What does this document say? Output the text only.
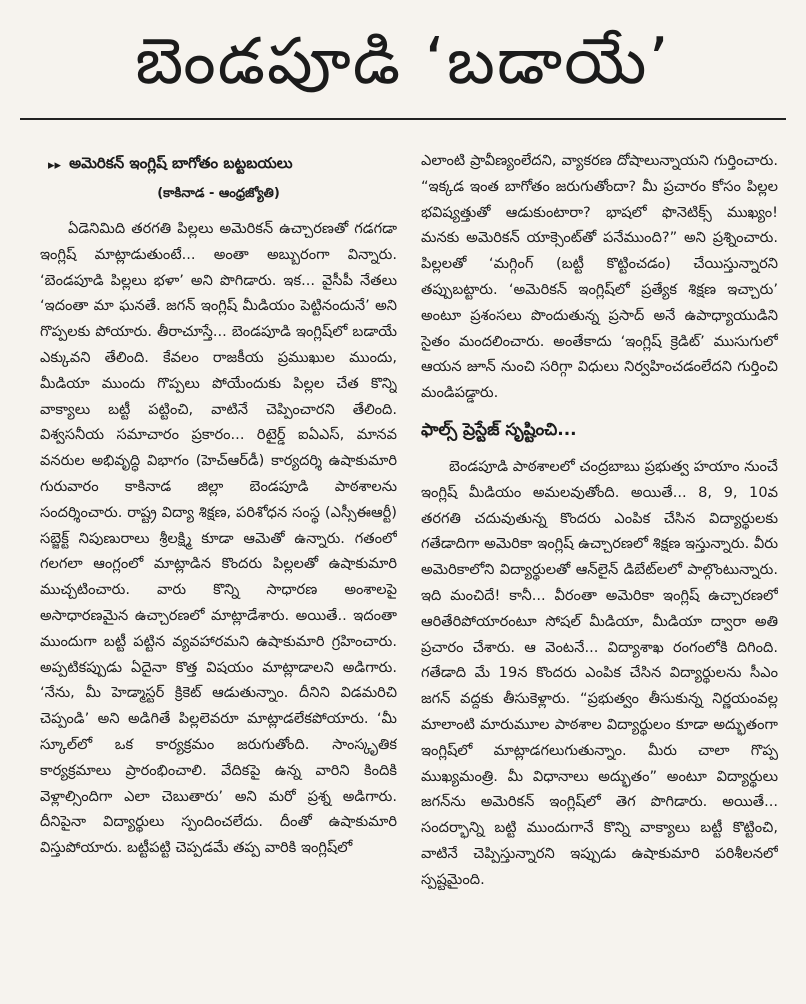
బెండపూడి ‘బడాయే’
▸▸ అమెరికన్ ఇంగ్లిష్ బాగోతం బట్టబయలు
(కాకినాడ - ఆంధ్రజ్యోతి)

ఏడెనిమిది తరగతి పిల్లలు అమెరికన్ ఉచ్చారణతో గడగడా ఇంగ్లిష్ మాట్లాడుతుంటే... అంతా అబ్బురంగా విన్నారు. ‘బెండపూడి పిల్లలు భళా’ అని పొగిడారు. ఇక... వైసీపీ నేతలు ‘ఇదంతా మా ఘనతే. జగన్ ఇంగ్లిష్ మీడియం పెట్టినందునే’ అని గొప్పలకు పోయారు. తీరాచూస్తే... బెండపూడి ఇంగ్లిష్‌లో బడాయే ఎక్కువని తేలింది. కేవలం రాజకీయ ప్రముఖుల ముందు, మీడియా ముందు గొప్పలు పోయేందుకు పిల్లల చేత కొన్ని వాక్యాలు బట్టీ పట్టించి, వాటినే చెప్పించారని తేలింది. విశ్వసనీయ సమాచారం ప్రకారం... రిటైర్డ్ ఐఏఎస్, మానవ వనరుల అభివృద్ధి విభాగం (హెచ్ఆర్‌డీ) కార్యదర్శి ఉషాకుమారి గురువారం కాకినాడ జిల్లా బెండపూడి పాఠశాలను సందర్శించారు. రాష్ట్ర విద్యా శిక్షణ, పరిశోధన సంస్థ (ఎస్సీఈఆర్టీ) సబ్జెక్ట్ నిపుణురాలు శ్రీలక్ష్మి కూడా ఆమెతో ఉన్నారు. గతంలో గలగలా ఆంగ్లంలో మాట్లాడిన కొందరు పిల్లలతో ఉషాకుమారి ముచ్చటించారు. వారు కొన్ని సాధారణ అంశాలపై అసాధారణమైన ఉచ్చారణలో మాట్లాడేశారు. అయితే.. ఇదంతా ముందుగా బట్టీ పట్టిన వ్యవహారమని ఉషాకుమారి గ్రహించారు. అప్పటికప్పుడు ఏదైనా కొత్త విషయం మాట్లాడాలని అడిగారు. ‘నేను, మీ హెడ్మాస్టర్ క్రికెట్ ఆడుతున్నాం. దీనిని విడమరిచి చెప్పండి’ అని అడిగితే పిల్లలెవరూ మాట్లాడలేకపోయారు. ‘మీ స్కూల్‌లో ఒక కార్యక్రమం జరుగుతోంది. సాంస్కృతిక కార్యక్రమాలు ప్రారంభించాలి. వేదికపై ఉన్న వారిని కిందికి వెళ్లాల్సిందిగా ఎలా చెబుతారు’ అని మరో ప్రశ్న అడిగారు. దీనిపైనా విద్యార్థులు స్పందించలేదు. దీంతో ఉషాకుమారి విస్తుపోయారు. బట్టీపట్టి చెప్పడమే తప్ప వారికి ఇంగ్లిష్‌లో

ఎలాంటి ప్రావీణ్యంలేదని, వ్యాకరణ దోషాలున్నాయని గుర్తించారు. “ఇక్కడ ఇంత బాగోతం జరుగుతోందా? మీ ప్రచారం కోసం పిల్లల భవిష్యత్తుతో ఆడుకుంటారా? భాషలో ఫొనెటిక్స్ ముఖ్యం! మనకు అమెరికన్ యాక్సెంట్‌తో పనేముంది?” అని ప్రశ్నించారు. పిల్లలతో ‘మగ్గింగ్ (బట్టీ కొట్టించడం) చేయిస్తున్నారని తప్పుబట్టారు. ‘అమెరికన్ ఇంగ్లిష్‌లో ప్రత్యేక శిక్షణ ఇచ్చారు’ అంటూ ప్రశంసలు పొందుతున్న ప్రసాద్ అనే ఉపాధ్యాయుడిని సైతం మందలించారు. అంతేకాదు ‘ఇంగ్లిష్ క్రెడిట్’ ముసుగులో ఆయన జూన్ నుంచి సరిగ్గా విధులు నిర్వహించడంలేదని గుర్తించి మండిపడ్డారు.

ఫాల్స్ ప్రెస్టేజ్ సృష్టించి...

బెండపూడి పాఠశాలలో చంద్రబాబు ప్రభుత్వ హయాం నుంచే ఇంగ్లిష్ మీడియం అమలవుతోంది. అయితే... 8, 9, 10వ తరగతి చదువుతున్న కొందరు ఎంపిక చేసిన విద్యార్థులకు గతేడాదిగా అమెరికా ఇంగ్లిష్ ఉచ్చారణలో శిక్షణ ఇస్తున్నారు. వీరు అమెరికాలోని విద్యార్థులతో ఆన్‌లైన్ డిబేట్‌లలో పాల్గొంటున్నారు. ఇది మంచిదే! కానీ... వీరంతా అమెరికా ఇంగ్లిష్ ఉచ్చారణలో ఆరితేరిపోయారంటూ సోషల్ మీడియా, మీడియా ద్వారా అతి ప్రచారం చేశారు. ఆ వెంటనే... విద్యాశాఖ రంగంలోకి దిగింది. గతేడాది మే 19న కొందరు ఎంపిక చేసిన విద్యార్థులను సీఎం జగన్ వద్దకు తీసుకెళ్లారు. “ప్రభుత్వం తీసుకున్న నిర్ణయంవల్ల మాలాంటి మారుమూల పాఠశాల విద్యార్థులం కూడా అద్భుతంగా ఇంగ్లిష్‌లో మాట్లాడగలుగుతున్నాం. మీరు చాలా గొప్ప ముఖ్యమంత్రి. మీ విధానాలు అద్భుతం” అంటూ విద్యార్థులు జగన్‌ను అమెరికన్ ఇంగ్లిష్‌లో తెగ పొగిడారు. అయితే... సందర్భాన్ని బట్టి ముందుగానే కొన్ని వాక్యాలు బట్టీ కొట్టించి, వాటినే చెప్పిస్తున్నారని ఇప్పుడు ఉషాకుమారి పరిశీలనలో స్పష్టమైంది.
